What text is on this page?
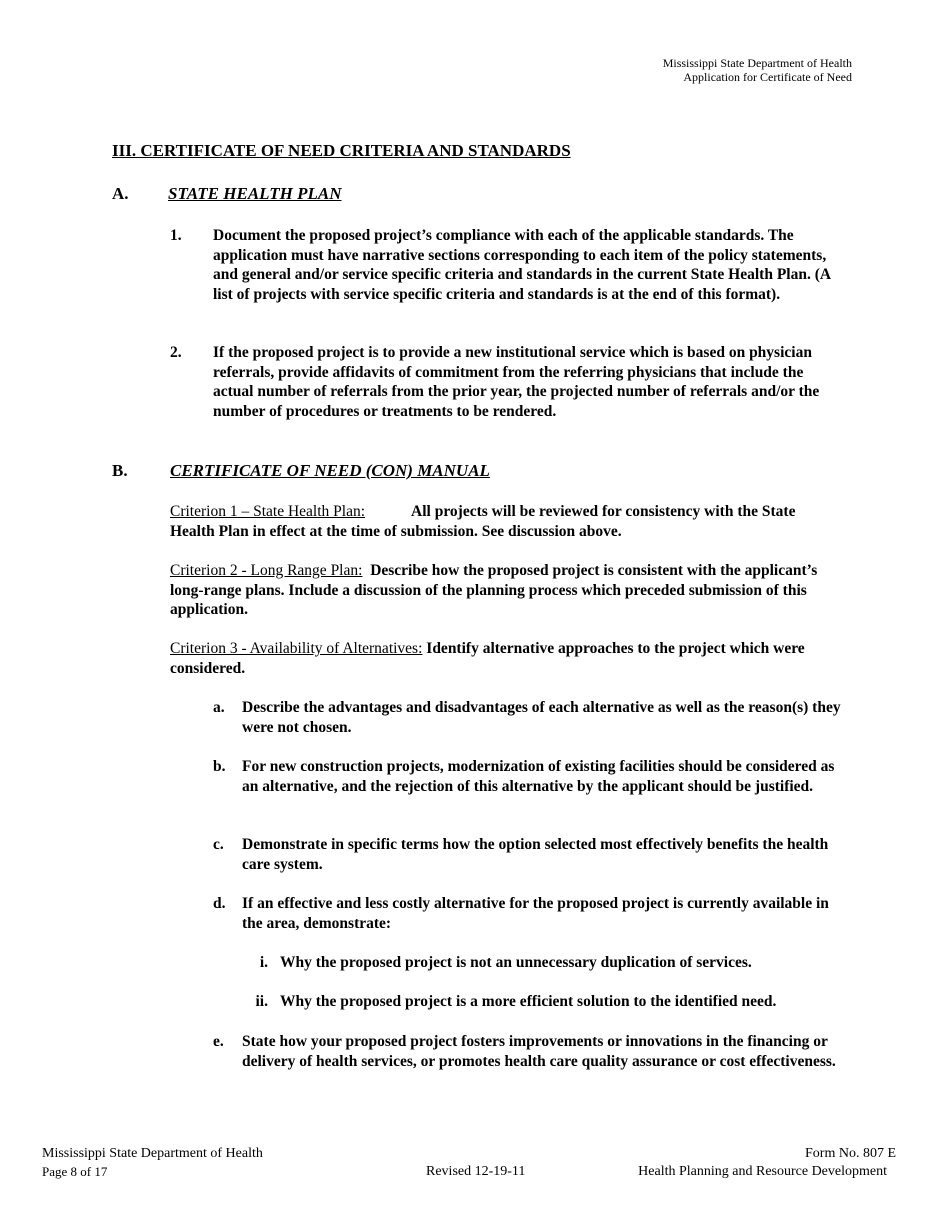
Mississippi State Department of Health
Application for Certificate of Need
III. CERTIFICATE OF NEED CRITERIA AND STANDARDS
A. STATE HEALTH PLAN
1. Document the proposed project’s compliance with each of the applicable standards. The application must have narrative sections corresponding to each item of the policy statements, and general and/or service specific criteria and standards in the current State Health Plan. (A list of projects with service specific criteria and standards is at the end of this format).
2. If the proposed project is to provide a new institutional service which is based on physician referrals, provide affidavits of commitment from the referring physicians that include the actual number of referrals from the prior year, the projected number of referrals and/or the number of procedures or treatments to be rendered.
B. CERTIFICATE OF NEED (CON) MANUAL
Criterion 1 – State Health Plan:	All projects will be reviewed for consistency with the State Health Plan in effect at the time of submission. See discussion above.
Criterion 2 - Long Range Plan: Describe how the proposed project is consistent with the applicant’s long-range plans. Include a discussion of the planning process which preceded submission of this application.
Criterion 3 - Availability of Alternatives: Identify alternative approaches to the project which were considered.
a. Describe the advantages and disadvantages of each alternative as well as the reason(s) they were not chosen.
b. For new construction projects, modernization of existing facilities should be considered as an alternative, and the rejection of this alternative by the applicant should be justified.
c. Demonstrate in specific terms how the option selected most effectively benefits the health care system.
d. If an effective and less costly alternative for the proposed project is currently available in the area, demonstrate:
i. Why the proposed project is not an unnecessary duplication of services.
ii. Why the proposed project is a more efficient solution to the identified need.
e. State how your proposed project fosters improvements or innovations in the financing or delivery of health services, or promotes health care quality assurance or cost effectiveness.
Mississippi State Department of Health
Page 8 of 17	Revised 12-19-11
Form No. 807 E
Health Planning and Resource Development
